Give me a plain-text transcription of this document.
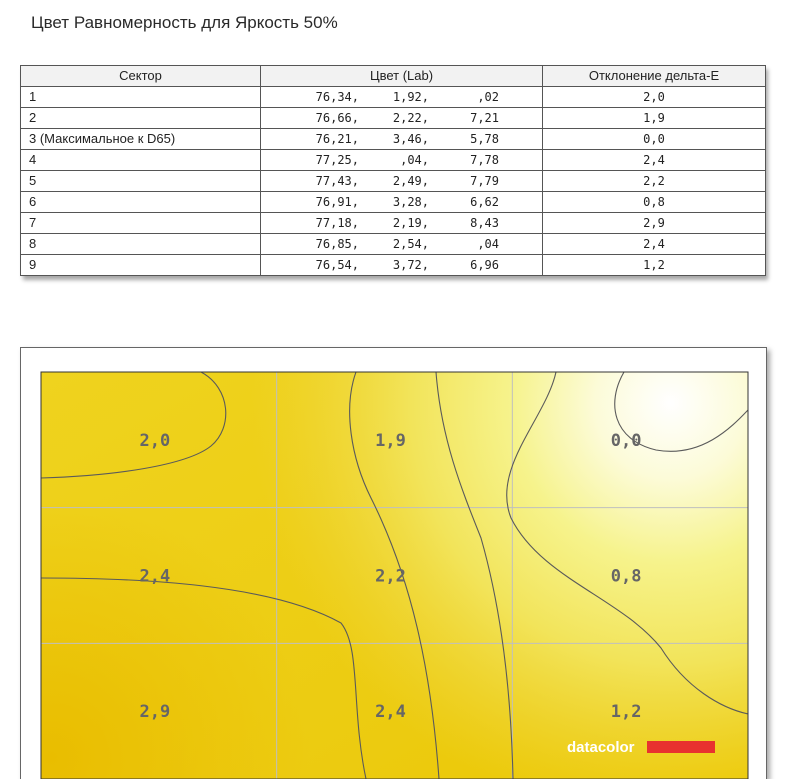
Цвет Равномерность для Яркость 50%
Сектор	Цвет (Lab)	Отклонение дельта-E
1	76,34, 1,92, ,02	2,0
2	76,66, 2,22, 7,21	1,9
3 (Максимальное к D65)	76,21, 3,46, 5,78	0,0
4	77,25, ,04, 7,78	2,4
5	77,43, 2,49, 7,79	2,2
6	76,91, 3,28, 6,62	0,8
7	77,18, 2,19, 8,43	2,9
8	76,85, 2,54, ,04	2,4
9	76,54, 3,72, 6,96	1,2
2,0	1,9	0,0
2,4	2,2	0,8
2,9	2,4	1,2
datacolor
